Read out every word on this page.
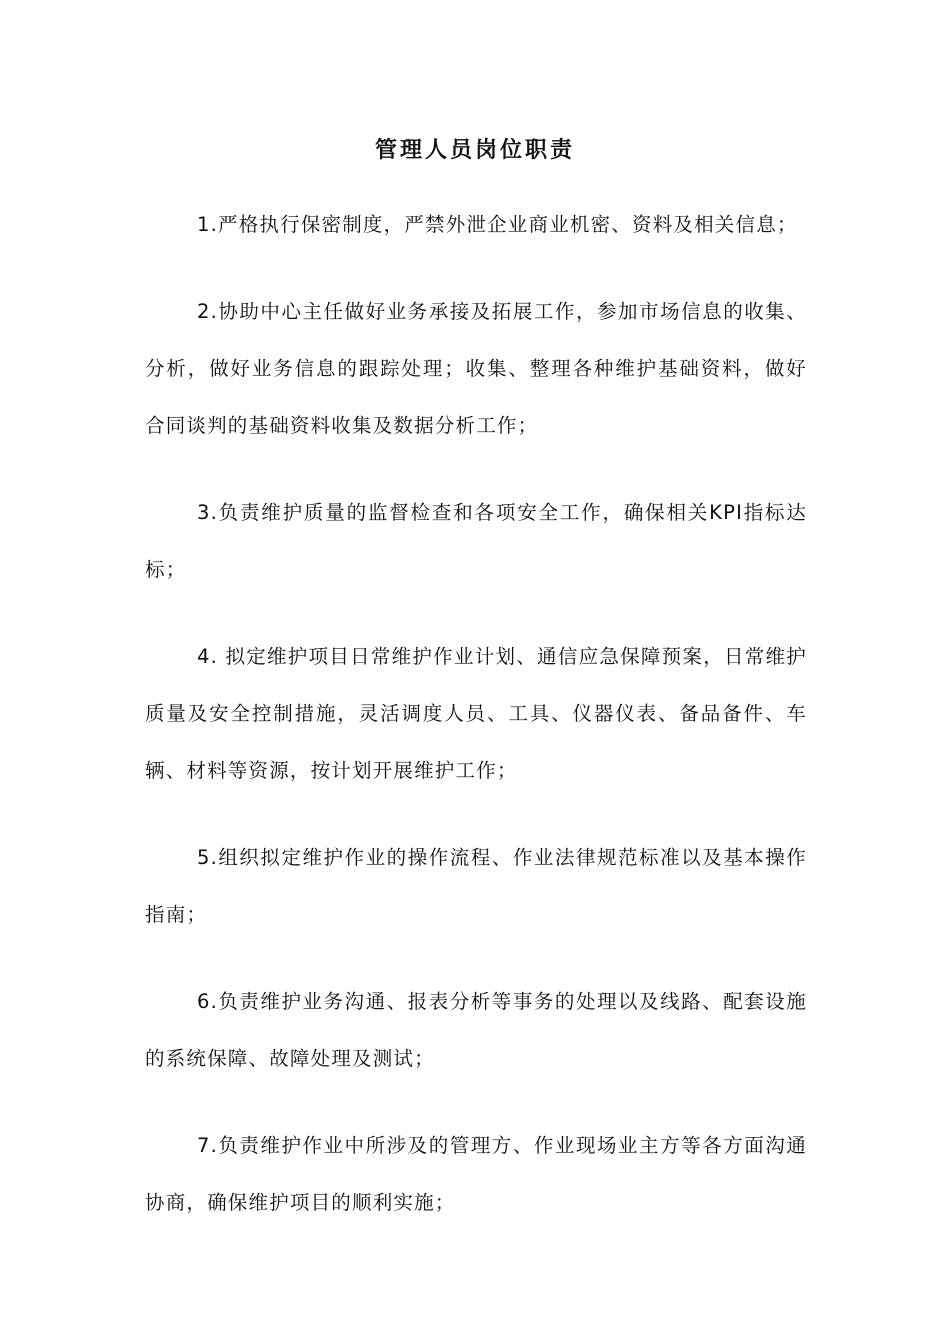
管理人员岗位职责

1.严格执行保密制度，严禁外泄企业商业机密、资料及相关信息；

2.协助中心主任做好业务承接及拓展工作，参加市场信息的收集、分析，做好业务信息的跟踪处理；收集、整理各种维护基础资料，做好合同谈判的基础资料收集及数据分析工作；

3.负责维护质量的监督检查和各项安全工作，确保相关KPI指标达标；

4. 拟定维护项目日常维护作业计划、通信应急保障预案，日常维护质量及安全控制措施，灵活调度人员、工具、仪器仪表、备品备件、车辆、材料等资源，按计划开展维护工作；

5.组织拟定维护作业的操作流程、作业法律规范标准以及基本操作指南；

6.负责维护业务沟通、报表分析等事务的处理以及线路、配套设施的系统保障、故障处理及测试；

7.负责维护作业中所涉及的管理方、作业现场业主方等各方面沟通协商，确保维护项目的顺利实施；
